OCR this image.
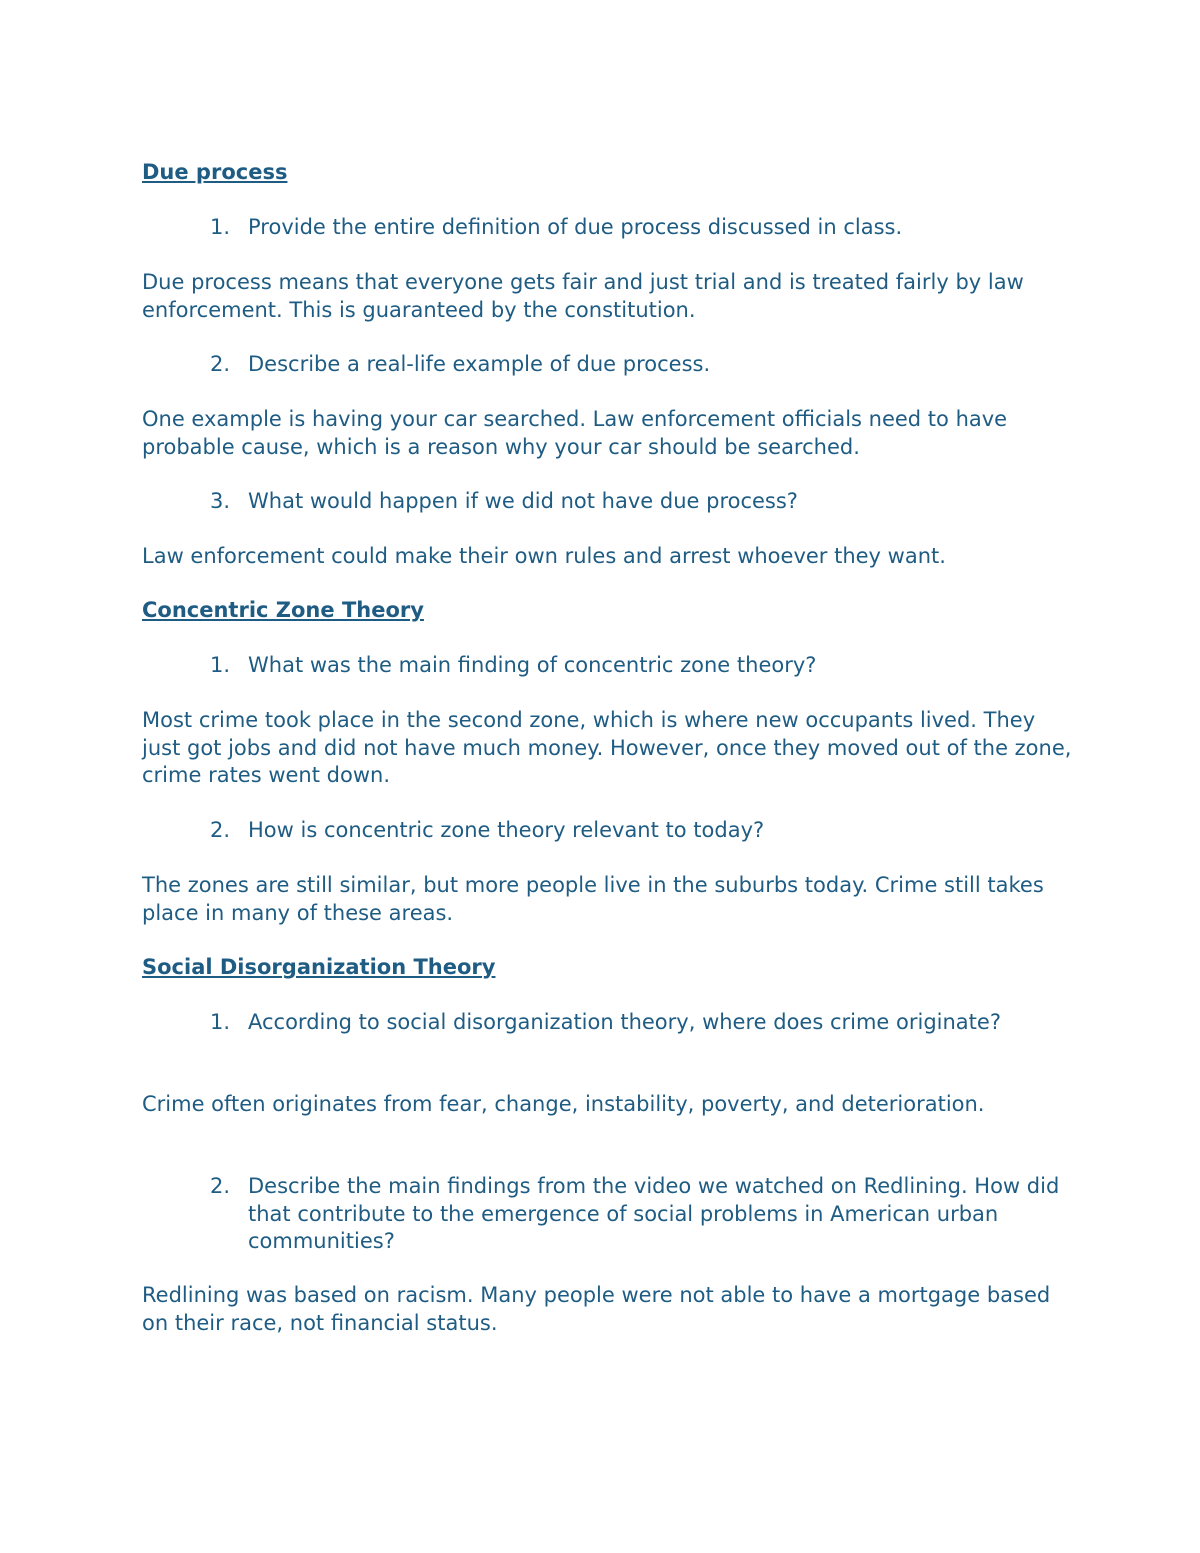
Due process
1. Provide the entire definition of due process discussed in class.

Due process means that everyone gets fair and just trial and is treated fairly by law enforcement. This is guaranteed by the constitution.

2. Describe a real-life example of due process.

One example is having your car searched. Law enforcement officials need to have probable cause, which is a reason why your car should be searched.

3. What would happen if we did not have due process?

Law enforcement could make their own rules and arrest whoever they want.

Concentric Zone Theory
1. What was the main finding of concentric zone theory?

Most crime took place in the second zone, which is where new occupants lived. They just got jobs and did not have much money. However, once they moved out of the zone, crime rates went down.

2. How is concentric zone theory relevant to today?

The zones are still similar, but more people live in the suburbs today. Crime still takes place in many of these areas.

Social Disorganization Theory
1. According to social disorganization theory, where does crime originate?

Crime often originates from fear, change, instability, poverty, and deterioration.

2. Describe the main findings from the video we watched on Redlining. How did that contribute to the emergence of social problems in American urban communities?

Redlining was based on racism. Many people were not able to have a mortgage based on their race, not financial status.
